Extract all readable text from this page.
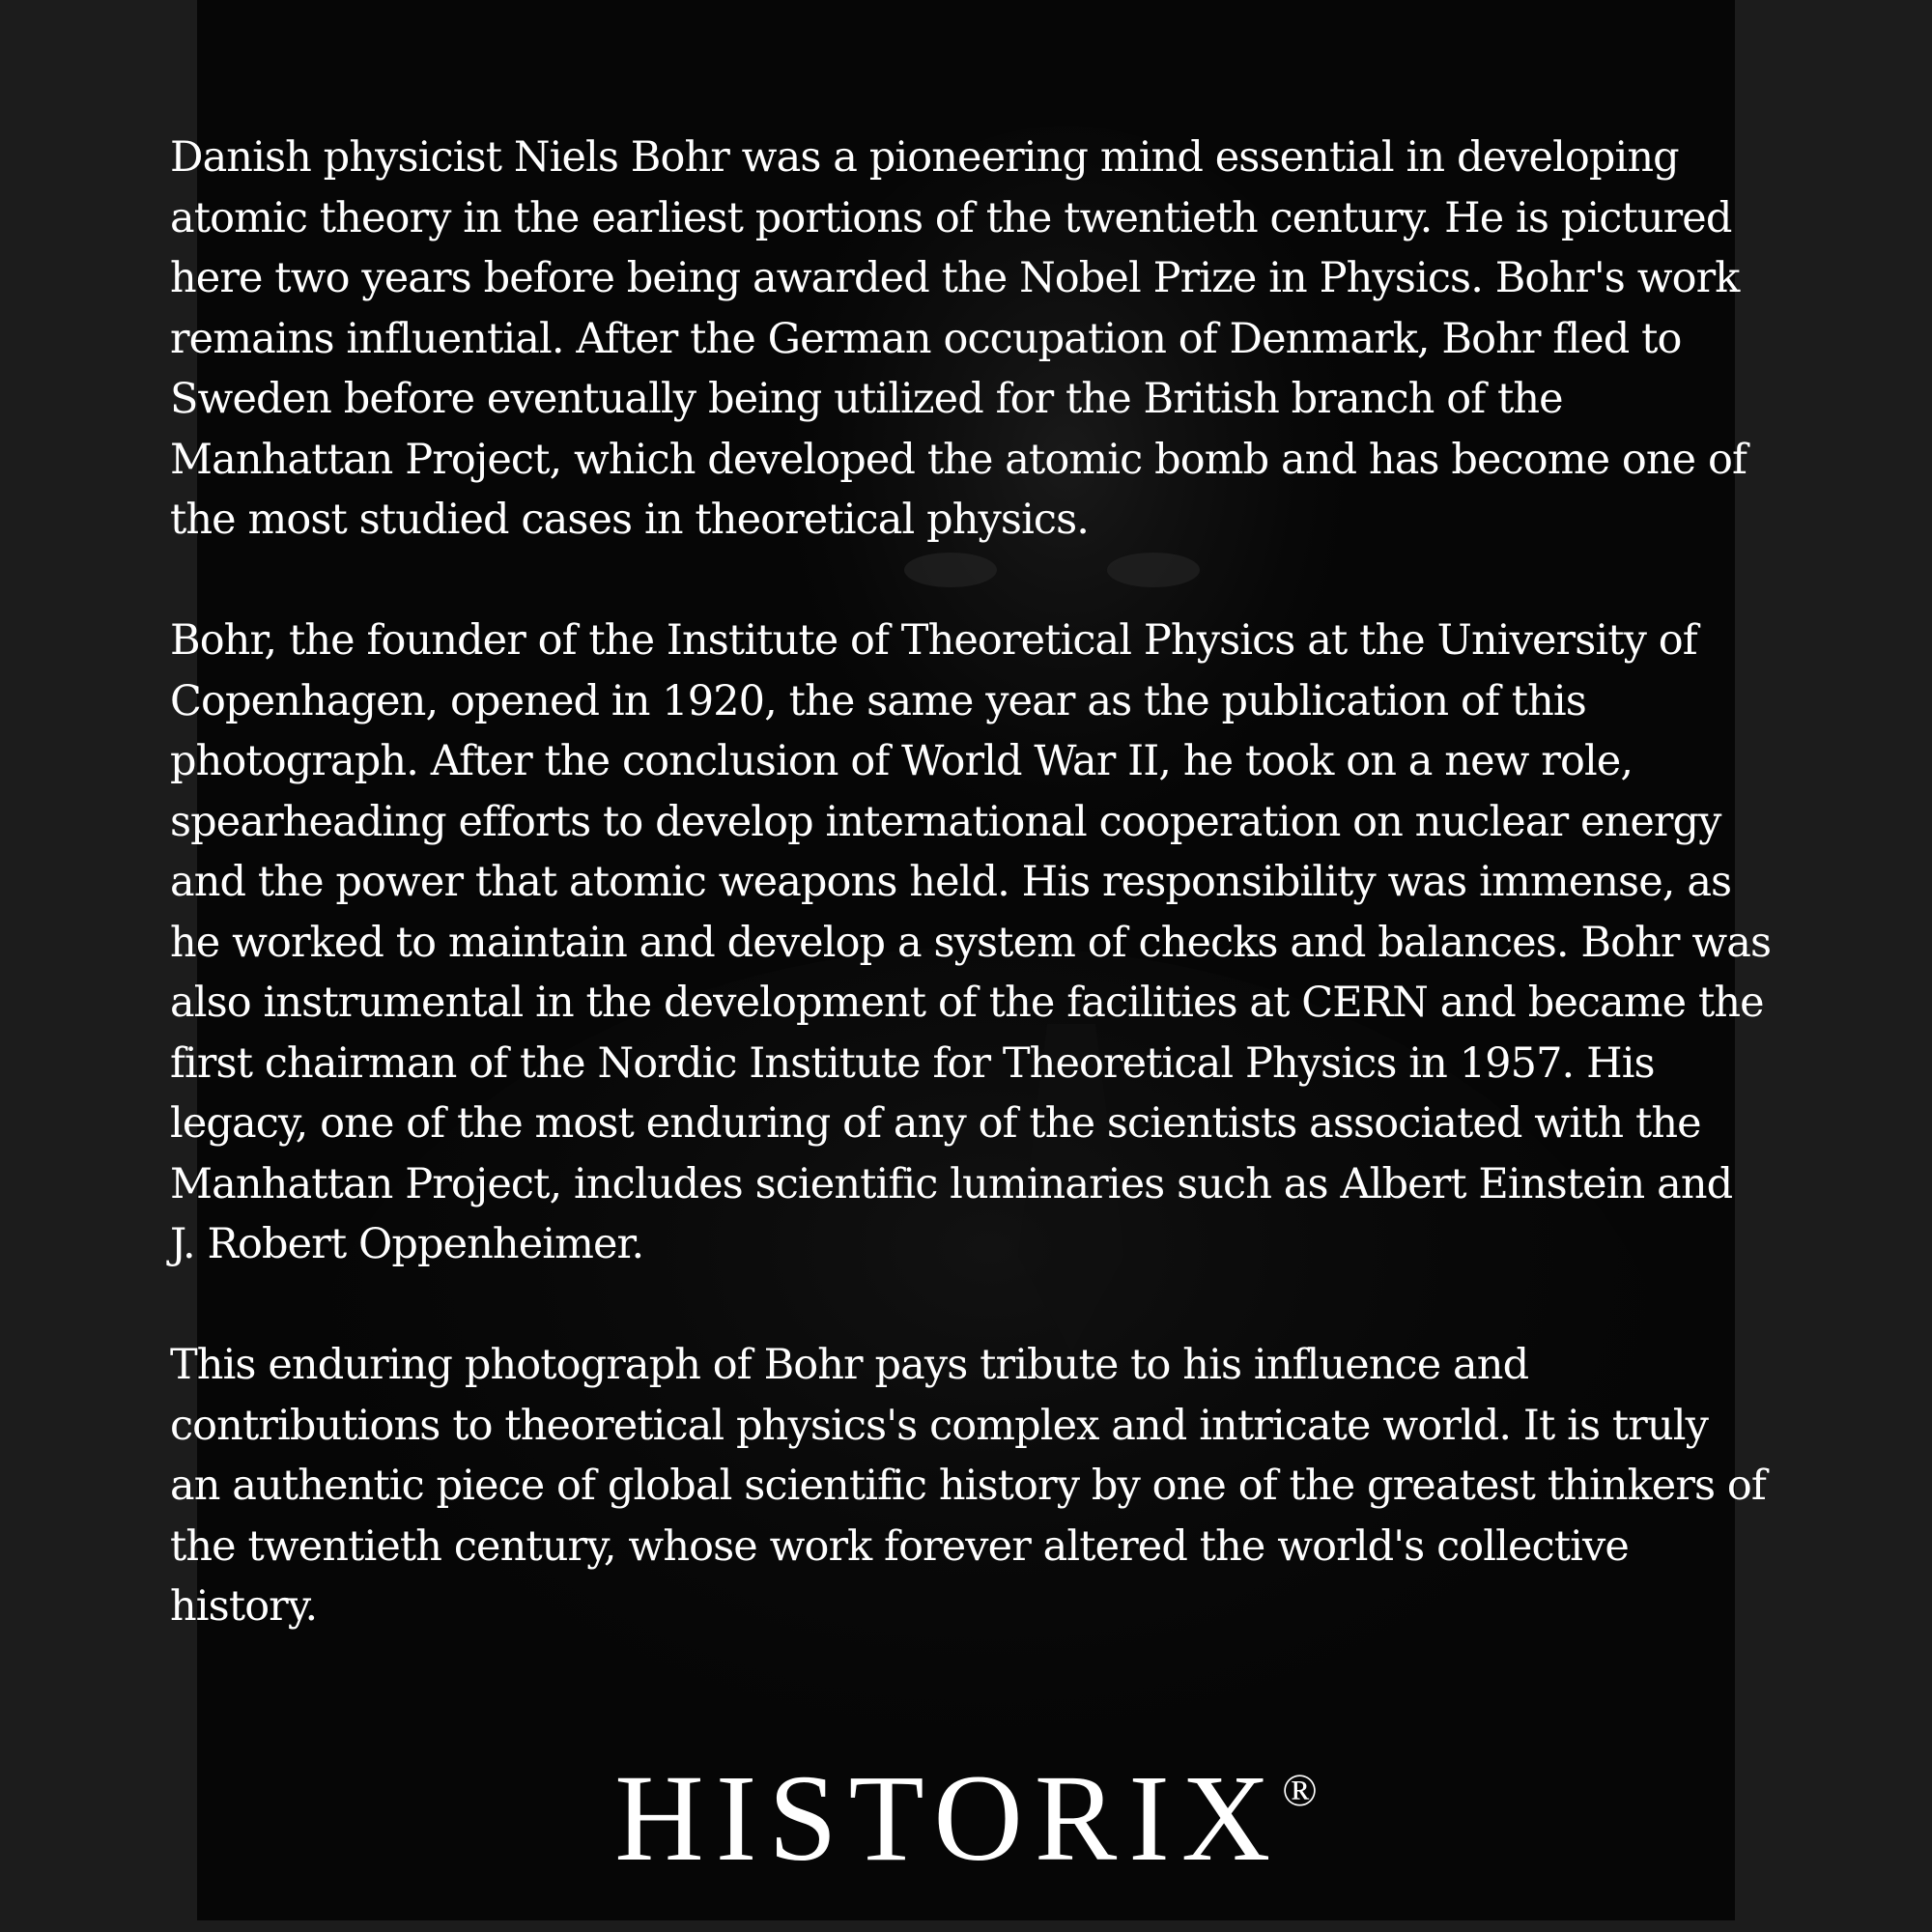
Danish physicist Niels Bohr was a pioneering mind essential in developing
atomic theory in the earliest portions of the twentieth century. He is pictured
here two years before being awarded the Nobel Prize in Physics. Bohr's work
remains influential. After the German occupation of Denmark, Bohr fled to
Sweden before eventually being utilized for the British branch of the
Manhattan Project, which developed the atomic bomb and has become one of
the most studied cases in theoretical physics.

Bohr, the founder of the Institute of Theoretical Physics at the University of
Copenhagen, opened in 1920, the same year as the publication of this
photograph. After the conclusion of World War II, he took on a new role,
spearheading efforts to develop international cooperation on nuclear energy
and the power that atomic weapons held. His responsibility was immense, as
he worked to maintain and develop a system of checks and balances. Bohr was
also instrumental in the development of the facilities at CERN and became the
first chairman of the Nordic Institute for Theoretical Physics in 1957. His
legacy, one of the most enduring of any of the scientists associated with the
Manhattan Project, includes scientific luminaries such as Albert Einstein and
J. Robert Oppenheimer.

This enduring photograph of Bohr pays tribute to his influence and
contributions to theoretical physics's complex and intricate world. It is truly
an authentic piece of global scientific history by one of the greatest thinkers of
the twentieth century, whose work forever altered the world's collective
history.

HISTORIX®
